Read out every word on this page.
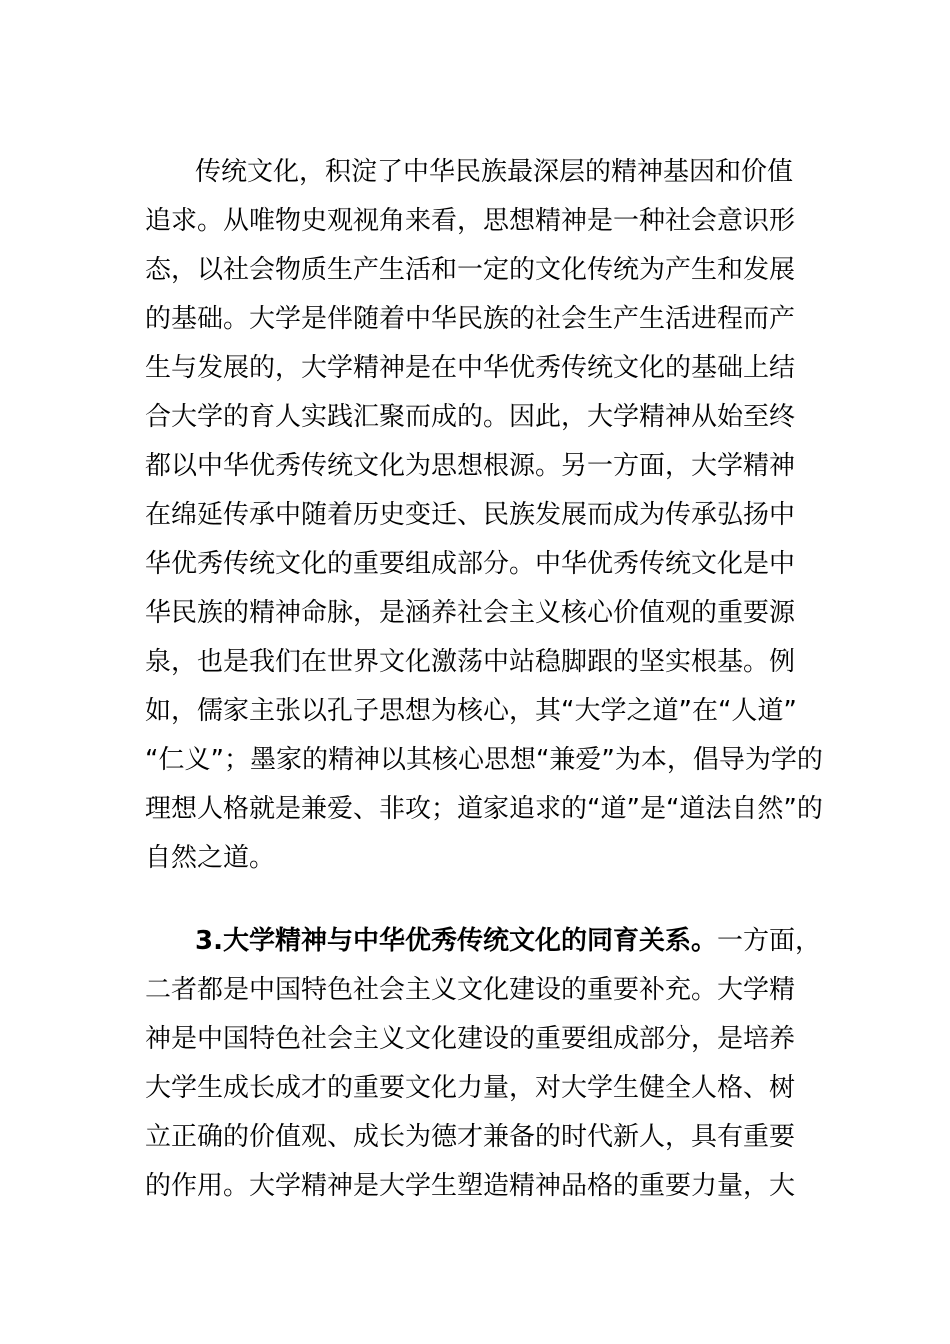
传统文化，积淀了中华民族最深层的精神基因和价值
追求。从唯物史观视角来看，思想精神是一种社会意识形
态，以社会物质生产生活和一定的文化传统为产生和发展
的基础。大学是伴随着中华民族的社会生产生活进程而产
生与发展的，大学精神是在中华优秀传统文化的基础上结
合大学的育人实践汇聚而成的。因此，大学精神从始至终
都以中华优秀传统文化为思想根源。另一方面，大学精神
在绵延传承中随着历史变迁、民族发展而成为传承弘扬中
华优秀传统文化的重要组成部分。中华优秀传统文化是中
华民族的精神命脉，是涵养社会主义核心价值观的重要源
泉，也是我们在世界文化激荡中站稳脚跟的坚实根基。例
如，儒家主张以孔子思想为核心，其“大学之道”在“人道”
“仁义”；墨家的精神以其核心思想“兼爱”为本，倡导为学的
理想人格就是兼爱、非攻；道家追求的“道”是“道法自然”的
自然之道。
3.大学精神与中华优秀传统文化的同育关系。一方面，
二者都是中国特色社会主义文化建设的重要补充。大学精
神是中国特色社会主义文化建设的重要组成部分，是培养
大学生成长成才的重要文化力量，对大学生健全人格、树
立正确的价值观、成长为德才兼备的时代新人，具有重要
的作用。大学精神是大学生塑造精神品格的重要力量，大
